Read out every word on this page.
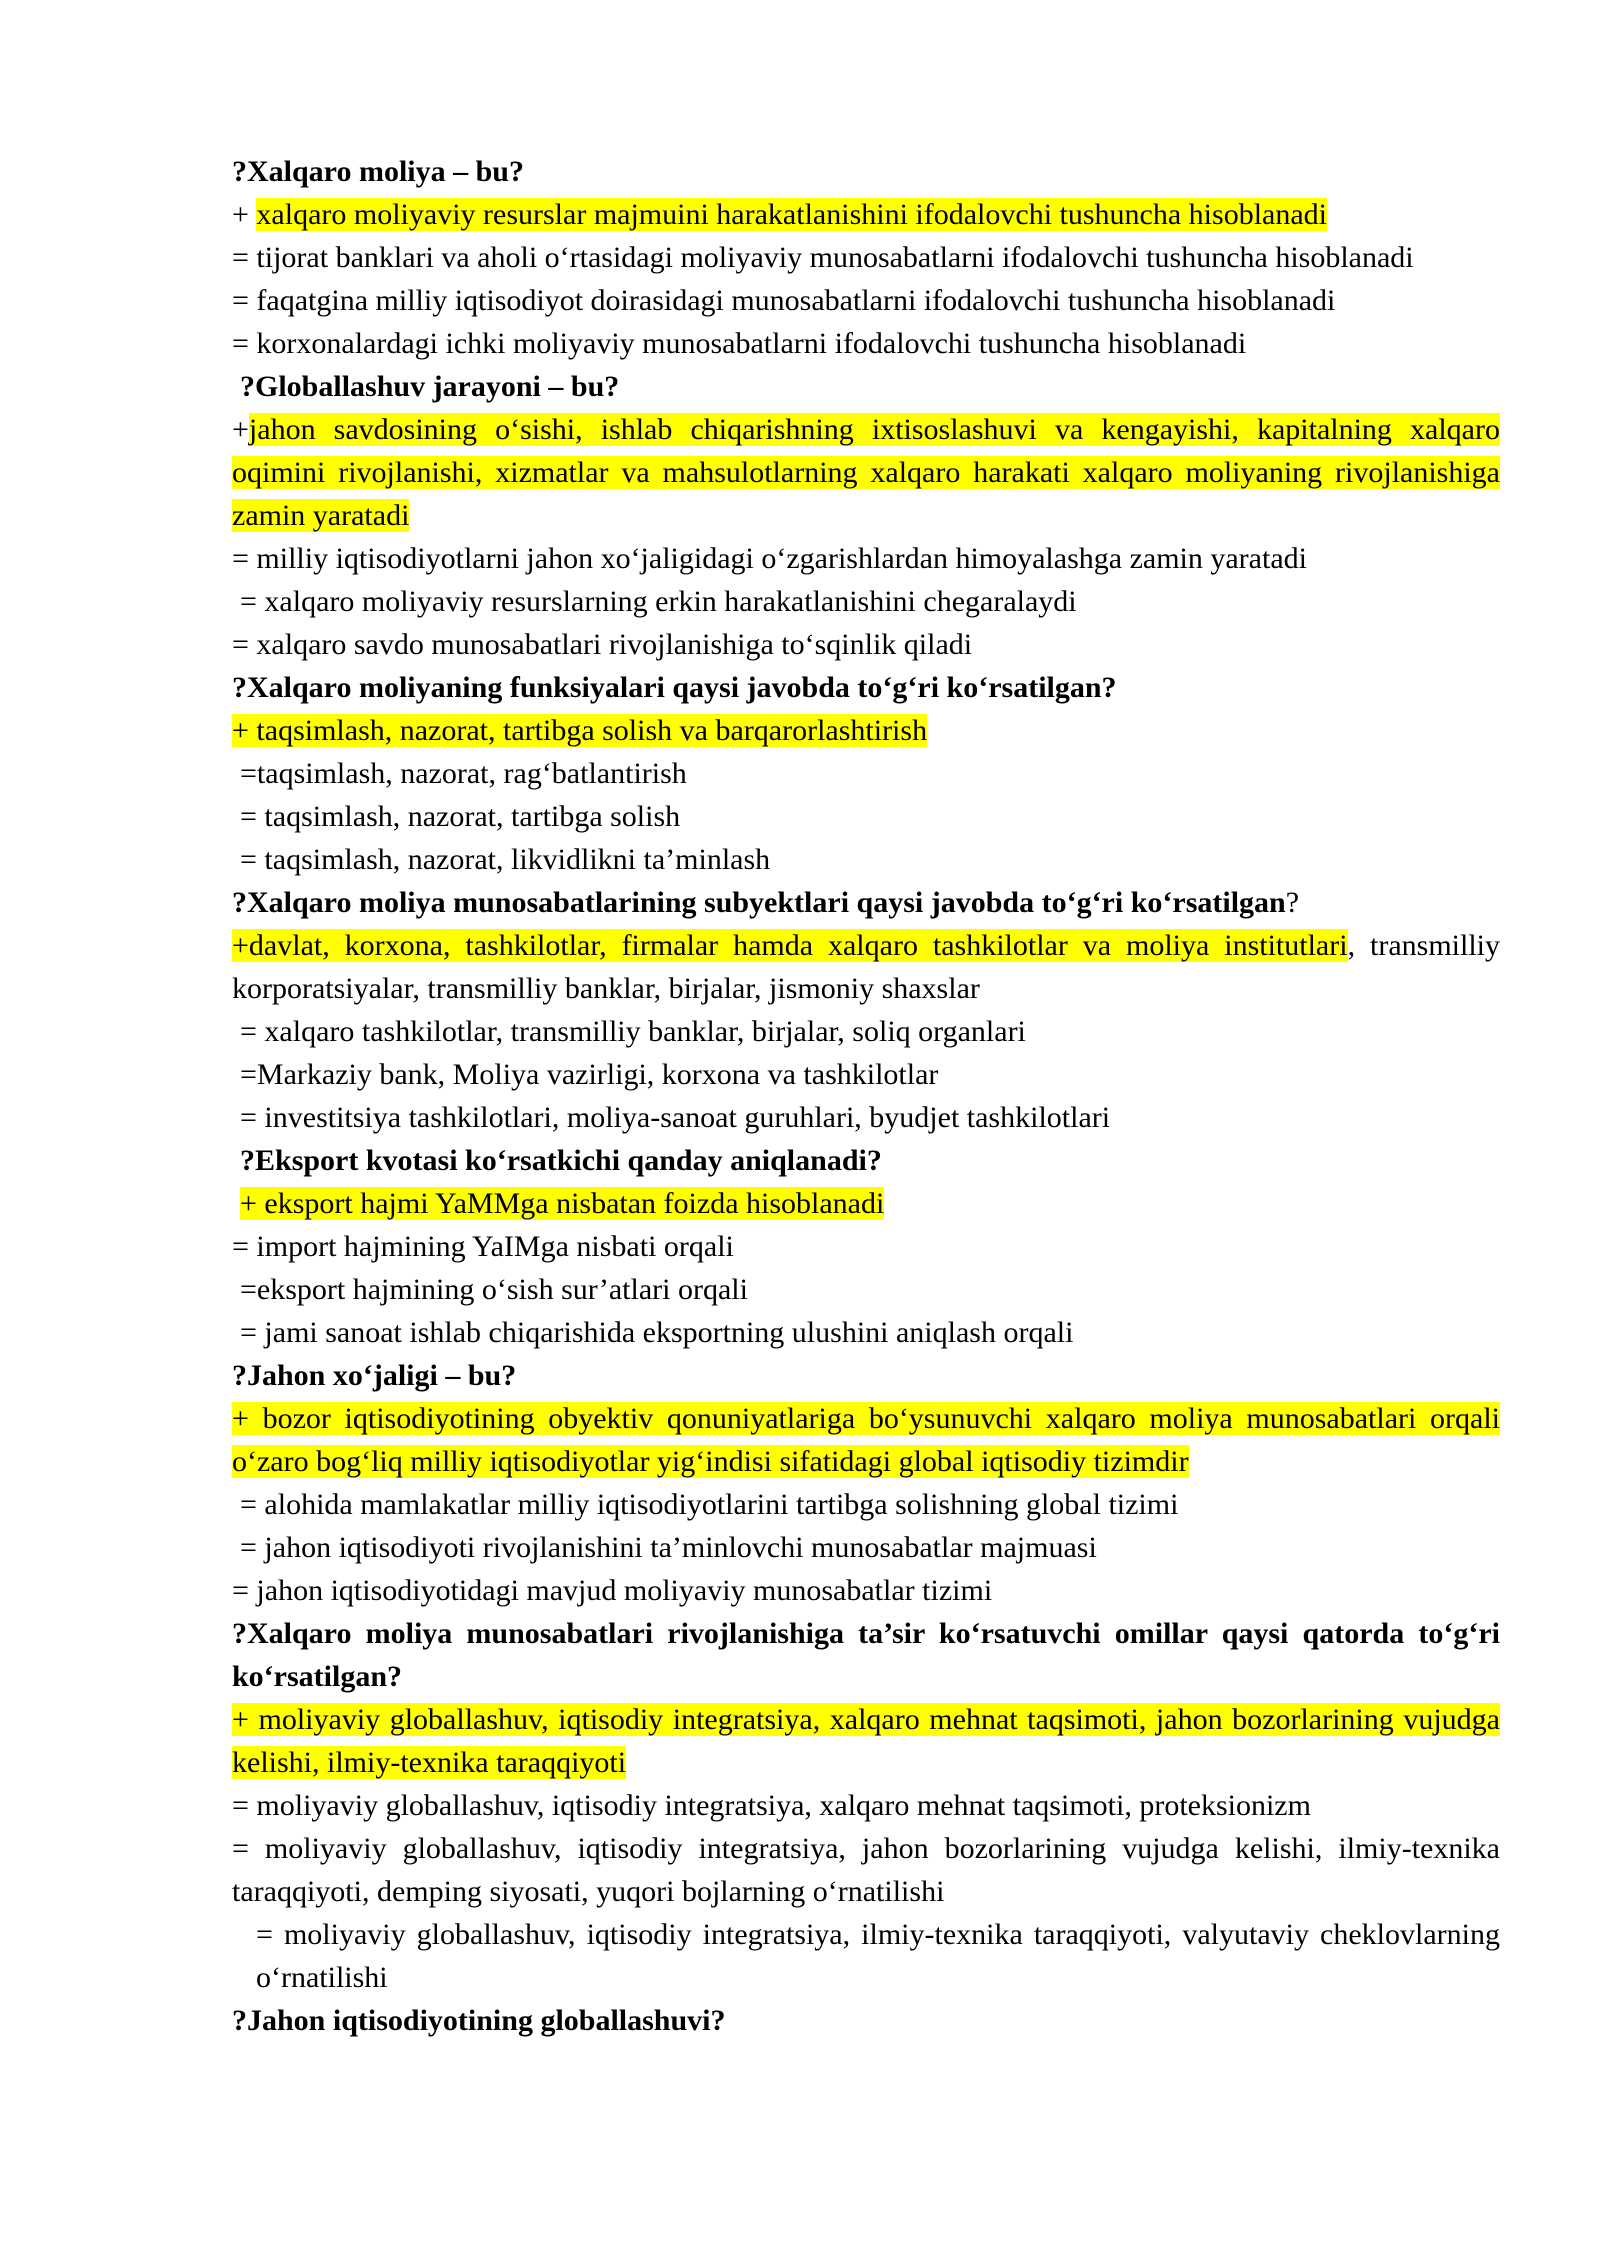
?Xalqaro moliya – bu?
+ xalqaro moliyaviy resurslar majmuini harakatlanishini ifodalovchi tushuncha hisoblanadi
= tijorat banklari va aholi o‘rtasidagi moliyaviy munosabatlarni ifodalovchi tushuncha hisoblanadi
= faqatgina milliy iqtisodiyot doirasidagi munosabatlarni ifodalovchi tushuncha hisoblanadi
= korxonalardagi ichki moliyaviy munosabatlarni ifodalovchi tushuncha hisoblanadi
?Globallashuv jarayoni – bu?
+jahon savdosining o‘sishi, ishlab chiqarishning ixtisoslashuvi va kengayishi, kapitalning xalqaro oqimini rivojlanishi, xizmatlar va mahsulotlarning xalqaro harakati xalqaro moliyaning rivojlanishiga zamin yaratadi
= milliy iqtisodiyotlarni jahon xo‘jaligidagi o‘zgarishlardan himoyalashga zamin yaratadi
= xalqaro moliyaviy resurslarning erkin harakatlanishini chegaralaydi
= xalqaro savdo munosabatlari rivojlanishiga to‘sqinlik qiladi
?Xalqaro moliyaning funksiyalari qaysi javobda to‘g‘ri ko‘rsatilgan?
+ taqsimlash, nazorat, tartibga solish va barqarorlashtirish
=taqsimlash, nazorat, rag‘batlantirish
= taqsimlash, nazorat, tartibga solish
= taqsimlash, nazorat, likvidlikni ta’minlash
?Xalqaro moliya munosabatlarining subyektlari qaysi javobda to‘g‘ri ko‘rsatilgan?
+davlat, korxona, tashkilotlar, firmalar hamda xalqaro tashkilotlar va moliya institutlari, transmilliy korporatsiyalar, transmilliy banklar, birjalar, jismoniy shaxslar
= xalqaro tashkilotlar, transmilliy banklar, birjalar, soliq organlari
=Markaziy bank, Moliya vazirligi, korxona va tashkilotlar
= investitsiya tashkilotlari, moliya-sanoat guruhlari, byudjet tashkilotlari
?Eksport kvotasi ko‘rsatkichi qanday aniqlanadi?
+ eksport hajmi YaMMga nisbatan foizda hisoblanadi
= import hajmining YaIMga nisbati orqali
=eksport hajmining o‘sish sur’atlari orqali
= jami sanoat ishlab chiqarishida eksportning ulushini aniqlash orqali
?Jahon xo‘jaligi – bu?
+ bozor iqtisodiyotining obyektiv qonuniyatlariga bo‘ysunuvchi xalqaro moliya munosabatlari orqali o‘zaro bog‘liq milliy iqtisodiyotlar yig‘indisi sifatidagi global iqtisodiy tizimdir
= alohida mamlakatlar milliy iqtisodiyotlarini tartibga solishning global tizimi
= jahon iqtisodiyoti rivojlanishini ta’minlovchi munosabatlar majmuasi
= jahon iqtisodiyotidagi mavjud moliyaviy munosabatlar tizimi
?Xalqaro moliya munosabatlari rivojlanishiga ta’sir ko‘rsatuvchi omillar qaysi qatorda to‘g‘ri ko‘rsatilgan?
+ moliyaviy globallashuv, iqtisodiy integratsiya, xalqaro mehnat taqsimoti, jahon bozorlarining vujudga kelishi, ilmiy-texnika taraqqiyoti
= moliyaviy globallashuv, iqtisodiy integratsiya, xalqaro mehnat taqsimoti, proteksionizm
= moliyaviy globallashuv, iqtisodiy integratsiya, jahon bozorlarining vujudga kelishi, ilmiy-texnika taraqqiyoti, demping siyosati, yuqori bojlarning o‘rnatilishi
= moliyaviy globallashuv, iqtisodiy integratsiya, ilmiy-texnika taraqqiyoti, valyutaviy cheklovlarning o‘rnatilishi
?Jahon iqtisodiyotining globallashuvi?
